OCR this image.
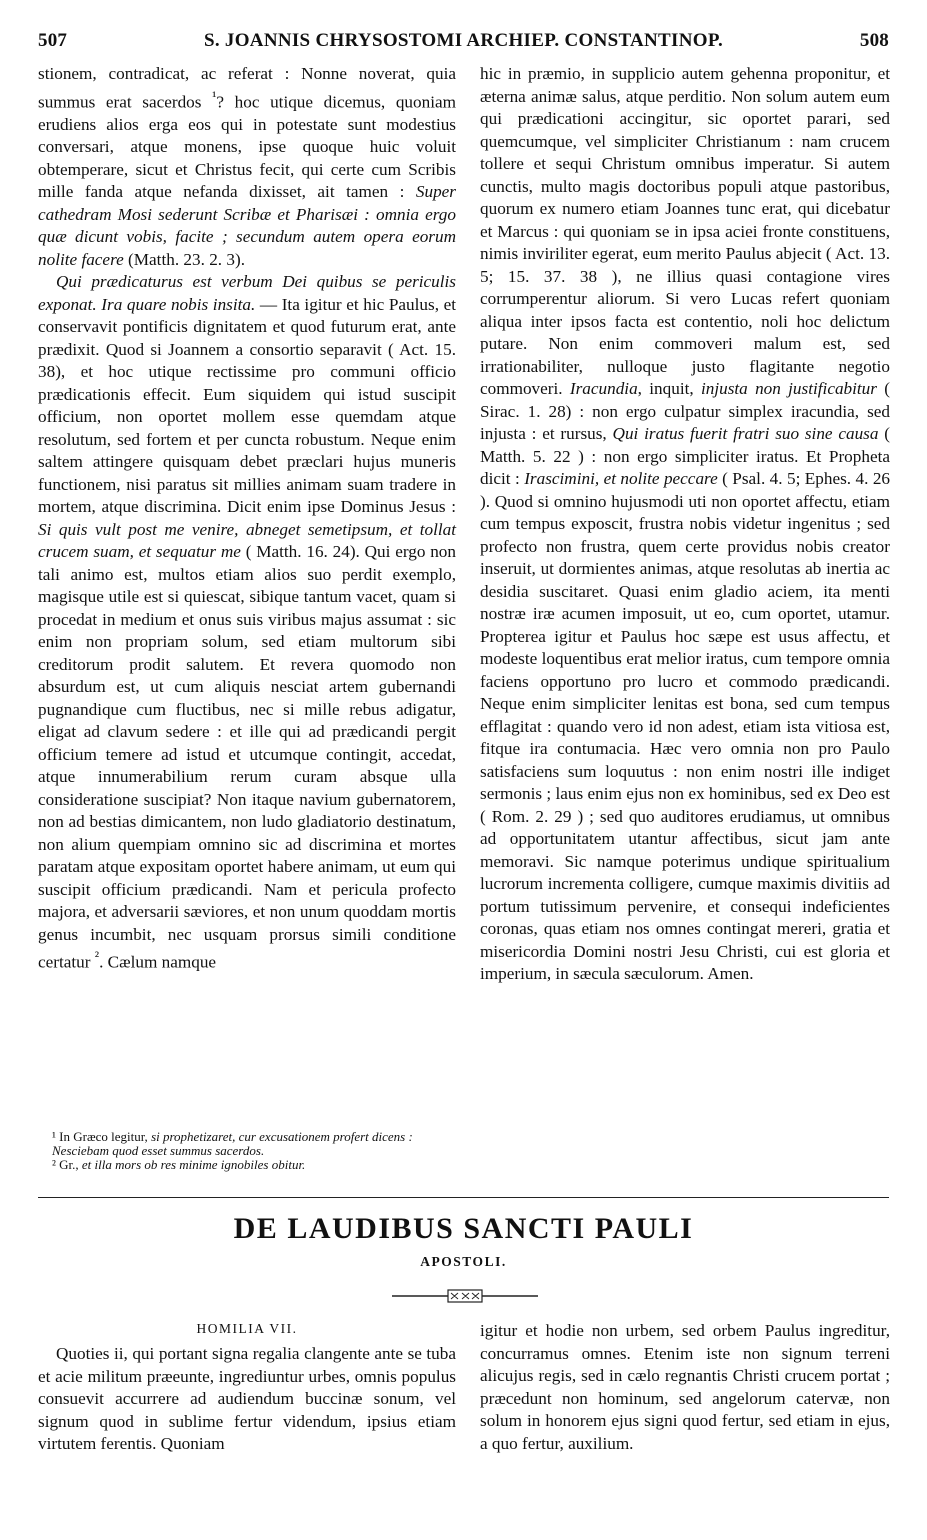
507	S. JOANNIS CHRYSOSTOMI ARCHIEP. CONSTANTINOP.	508

stionem, contradicat, ac referat : Nonne noverat, quia summus erat sacerdos $^{^1}$? hoc utique dicemus, quoniam erudiens alios erga eos qui in potestate sunt modestius conversari, atque monens, ipse quoque huic voluit obtemperare, sicut et Christus fecit, qui certe cum Scribis mille fanda atque nefanda dixisset, ait tamen : Super cathedram Mosi sederunt Scribæ et Pharisæi : omnia ergo quæ dicunt vobis, facite ; secundum autem opera eorum nolite facere (Matth. 23. 2. 3).

Qui prædicaturus est verbum Dei quibus se periculis exponat. Ira quare nobis insita. — Ita igitur et hic Paulus, et conservavit pontificis dignitatem et quod futurum erat, ante prædixit. Quod si Joannem a consortio separavit ( Act. 15. 38), et hoc utique rectissime pro communi officio prædicationis effecit. Eum siquidem qui istud suscipit officium, non oportet mollem esse quemdam atque resolutum, sed fortem et per cuncta robustum. Neque enim saltem attingere quisquam debet præclari hujus muneris functionem, nisi paratus sit millies animam suam tradere in mortem, atque discrimina. Dicit enim ipse Dominus Jesus : Si quis vult post me venire, abneget semetipsum, et tollat crucem suam, et sequatur me ( Matth. 16. 24). Qui ergo non tali animo est, multos etiam alios suo perdit exemplo, magisque utile est si quiescat, sibique tantum vacet, quam si procedat in medium et onus suis viribus majus assumat : sic enim non propriam solum, sed etiam multorum sibi creditorum prodit salutem. Et revera quomodo non absurdum est, ut cum aliquis nesciat artem gubernandi pugnandique cum fluctibus, nec si mille rebus adigatur, eligat ad clavum sedere : et ille qui ad prædicandi pergit officium temere ad istud et utcumque contingit, accedat, atque innumerabilium rerum curam absque ulla consideratione suscipiat? Non itaque navium gubernatorem, non ad bestias dimicantem, non ludo gladiatorio destinatum, non alium quempiam omnino sic ad discrimina et mortes paratam atque expositam oportet habere animam, ut eum qui suscipit officium prædicandi. Nam et pericula profecto majora, et adversarii sæviores, et non unum quoddam mortis genus incumbit, nec usquam prorsus simili conditione certatur $^{^2}$. Cælum namque

¹ In Græco legitur, si prophetizaret, cur excusationem profert dicens : Nesciebam quod esset summus sacerdos.

² Gr., et illa mors ob res minime ignobiles obitur.

hic in præmio, in supplicio autem gehenna proponitur, et æterna animæ salus, atque perditio. Non solum autem eum qui prædicationi accingitur, sic oportet parari, sed quemcumque, vel simpliciter Christianum : nam crucem tollere et sequi Christum omnibus imperatur. Si autem cunctis, multo magis doctoribus populi atque pastoribus, quorum ex numero etiam Joannes tunc erat, qui dicebatur et Marcus : qui quoniam se in ipsa aciei fronte constituens, nimis inviriliter egerat, eum merito Paulus abjecit ( Act. 13. 5; 15. 37. 38 ), ne illius quasi contagione vires corrumperentur aliorum. Si vero Lucas refert quoniam aliqua inter ipsos facta est contentio, noli hoc delictum putare. Non enim commoveri malum est, sed irrationabiliter, nulloque justo flagitante negotio commoveri. Iracundia, inquit, injusta non justificabitur ( Sirac. 1. 28) : non ergo culpatur simplex iracundia, sed injusta : et rursus, Qui iratus fuerit fratri suo sine causa ( Matth. 5. 22 ) : non ergo simpliciter iratus. Et Propheta dicit : Irascimini, et nolite peccare ( Psal. 4. 5; Ephes. 4. 26 ). Quod si omnino hujusmodi uti non oportet affectu, etiam cum tempus exposcit, frustra nobis videtur ingenitus ; sed profecto non frustra, quem certe providus nobis creator inseruit, ut dormientes animas, atque resolutas ab inertia ac desidia suscitaret. Quasi enim gladio aciem, ita menti nostræ iræ acumen imposuit, ut eo, cum oportet, utamur. Propterea igitur et Paulus hoc sæpe est usus affectu, et modeste loquentibus erat melior iratus, cum tempore omnia faciens opportuno pro lucro et commodo prædicandi. Neque enim simpliciter lenitas est bona, sed cum tempus efflagitat : quando vero id non adest, etiam ista vitiosa est, fitque ira contumacia. Hæc vero omnia non pro Paulo satisfaciens sum loquutus : non enim nostri ille indiget sermonis ; laus enim ejus non ex hominibus, sed ex Deo est ( Rom. 2. 29 ) ; sed quo auditores erudiamus, ut omnibus ad opportunitatem utantur affectibus, sicut jam ante memoravi. Sic namque poterimus undique spiritualium lucrorum incrementa colligere, cumque maximis divitiis ad portum tutissimum pervenire, et consequi indeficientes coronas, quas etiam nos omnes contingat mereri, gratia et misericordia Domini nostri Jesu Christi, cui est gloria et imperium, in sæcula sæculorum. Amen.

DE LAUDIBUS SANCTI PAULI
APOSTOLI.
HOMILIA VII.

Quoties ii, qui portant signa regalia clangente ante se tuba et acie militum præeunte, ingrediuntur urbes, omnis populus consuevit accurrere ad audiendum buccinæ sonum, vel signum quod in sublime fertur videndum, ipsius etiam virtutem ferentis. Quoniam

igitur et hodie non urbem, sed orbem Paulus ingreditur, concurramus omnes. Etenim iste non signum terreni alicujus regis, sed in cælo regnantis Christi crucem portat ; præcedunt non hominum, sed angelorum catervæ, non solum in honorem ejus signi quod fertur, sed etiam in ejus, a quo fertur, auxilium.
